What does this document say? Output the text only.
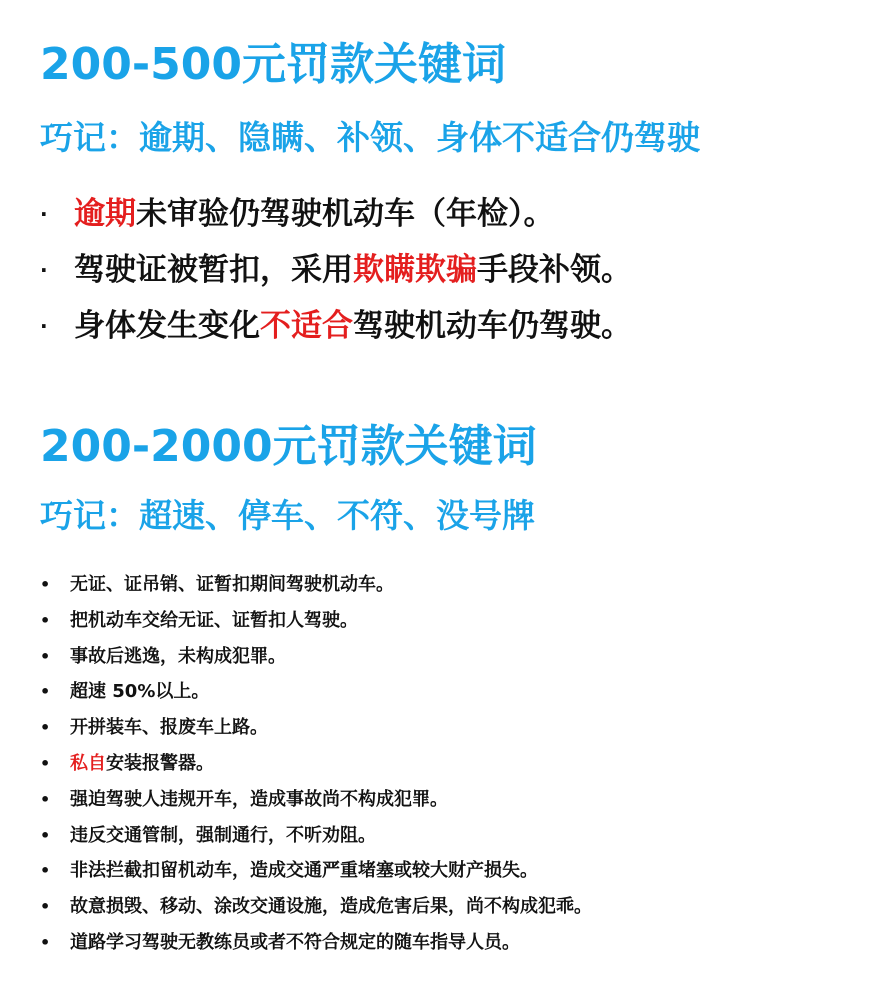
200-500元罚款关键词
巧记：逾期、隐瞒、补领、身体不适合仍驾驶
· 逾期 未审验仍驾驶机动车（年检）。
· 驾驶证被暂扣，采用 欺瞒欺骗 手段补领。
· 身体发生变化 不适合 驾驶机动车仍驾驶。
200-2000元罚款关键词
巧记：超速、停车、不符、没号牌
•	无证、证吊销、证暂扣期间驾驶机动车。
•	把机动车交给无证、证暂扣人驾驶。
•	事故后逃逸，未构成犯罪。
•	超速 50%以上。
•	开拼装车、报废车上路。
•	私自 安装报警器。
•	强迫驾驶人违规开车，造成事故尚不构成犯罪。
•	违反交通管制，强制通行，不听劝阻。
•	非法拦截扣留机动车，造成交通严重堵塞或较大财产损失。
•	故意损毁、移动、涂改交通设施，造成危害后果，尚不构成犯乖。
•	道路学习驾驶无教练员或者不符合规定的随车指导人员。
